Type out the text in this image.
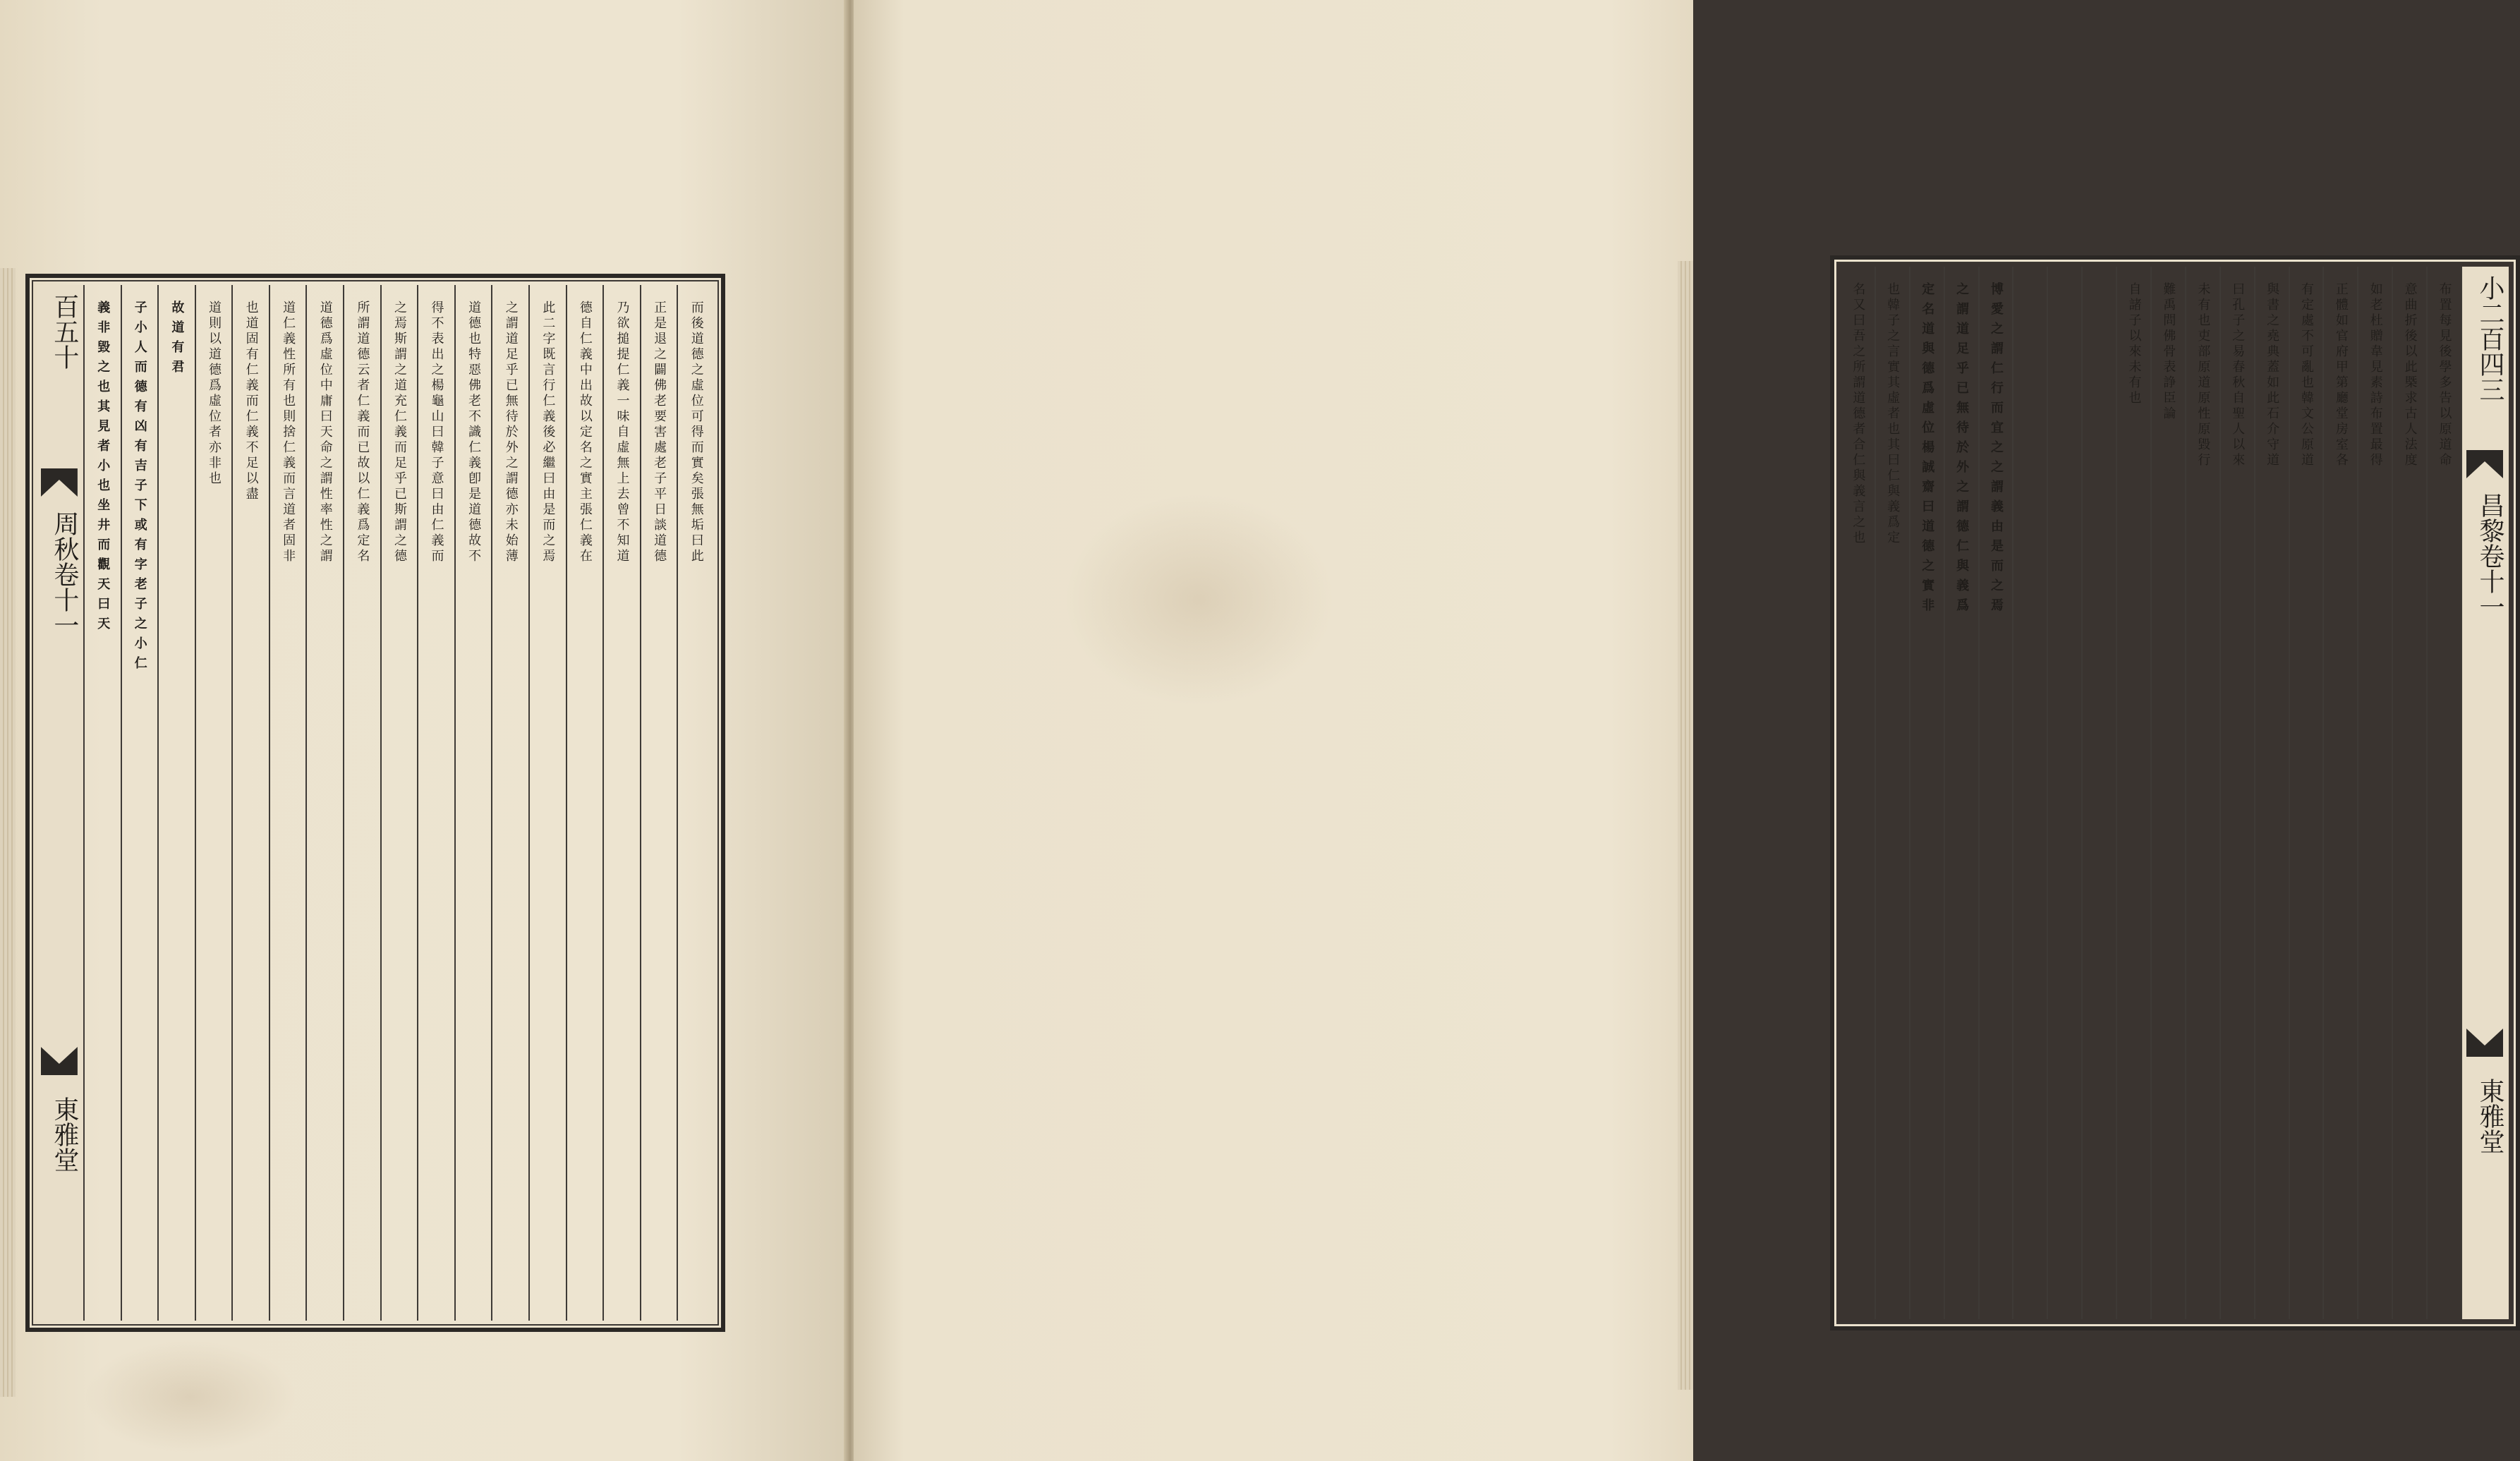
而後道德之虛位可得而實矣張無垢曰此
正是退之闢佛老要害處老子平日談道德
乃欲搥提仁義一味自虛無上去曾不知道
德自仁義中出故以定名之實主張仁義在
此二字既言行仁義後必繼曰由是而之焉
之謂道足乎已無待於外之謂德亦未始薄
道德也特惡佛老不識仁義卽是道德故不
得不表出之楊龜山曰韓子意曰由仁義而
之焉斯謂之道充仁義而足乎已斯謂之德
所謂道德云者仁義而已故以仁義爲定名
道德爲虛位中庸曰天命之謂性率性之謂
道仁義性所有也則捨仁義而言道者固非
也道固有仁義而仁義不足以盡
道則以道德爲虛位者亦非也
故道有君
子小人而德有凶有吉子下或有字老子之小仁
義非毀之也其見者小也坐井而觀天曰天
百五十
周秋卷十一
東雅堂
小二百四三
昌黎卷十一
東雅堂
布置每見後學多告以原道命
意曲折後以此槩求古人法度
如老杜贈韋見素詩布置最得
正體如官府甲第廳堂房室各
有定處不可亂也韓文公原道
與書之堯典蓋如此石介守道
曰孔子之易春秋自聖人以來
未有也吏部原道原性原毀行
難禹問佛骨表諍臣論
自諸子以來未有也
博愛之謂仁行而宜之之謂義由是而之焉
之謂道足乎已無待於外之謂德仁與義爲
定名道與德爲虛位楊誠齋曰道德之實非
也韓子之言實其虛者也其曰仁與義爲定
名又曰吾之所謂道德者合仁與義言之也
